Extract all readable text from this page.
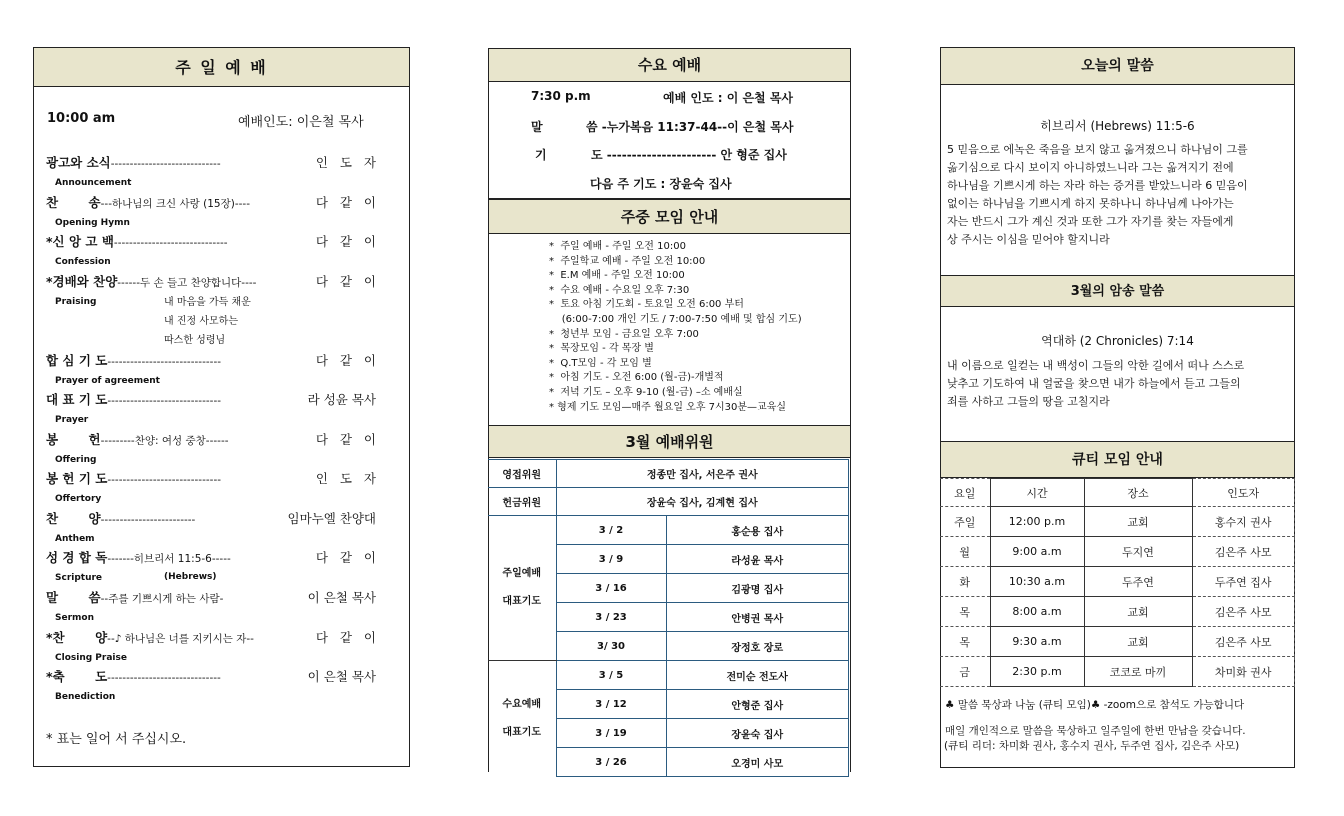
주 일 예 배
10:00 am	예배인도: 이은철 목사
광고와 소식-----------------------------	인   도   자
Announcement
찬       송---하나님의 크신 사랑 (15장)----	다   같   이
Opening Hymn
*신 앙 고 백------------------------------	다   같   이
Confession
*경배와 찬양------두 손 들고 찬양합니다----	다   같   이
Praising
합 심 기 도------------------------------	다   같   이
Prayer of agreement
대 표 기 도------------------------------	라 성윤 목사
Prayer
봉       헌---------찬양: 여성 중창------	다   같   이
Offering
봉 헌 기 도------------------------------	인   도   자
Offertory
찬       양-------------------------	임마누엘 찬양대
Anthem
성 경 합 독-------히브리서 11:5-6-----	다   같   이
Scripture
말       씀--주를 기쁘시게 하는 사람-	이 은철 목사
Sermon
*찬       양--♪ 하나님은 너를 지키시는 자--	다   같   이
Closing Praise
*축       도------------------------------	이 은철 목사
Benediction
내 마음을 가득 채운
내 진정 사모하는
따스한 성령님
(Hebrews)
* 표는 일어 서 주십시오.
수요 예배
7:30 p.m	예배 인도 : 이 은철 목사
말	씀 -누가복음 11:37-44--이 은철 목사
기	도 ---------------------- 안 형준 집사
다음 주 기도 : 장윤숙 집사
주중 모임 안내
*  주일 예배 - 주일 오전 10:00
*  주일학교 예배 - 주일 오전 10:00
*  E.M 예배 - 주일 오전 10:00
*  수요 예배 - 수요일 오후 7:30
*  토요 아침 기도회 - 토요일 오전 6:00 부터
(6:00-7:00 개인 기도 / 7:00-7:50 예배 및 합심 기도)
*  청년부 모임 - 금요일 오후 7:00
*  목장모임 - 각 목장 별
*  Q.T모임 - 각 모임 별
*  아침 기도 - 오전 6:00 (월-금)-개별적
*  저녁 기도 – 오후 9-10 (월-금) –소 예배실
* 형제 기도 모임—매주 월요일 오후 7시30분—교육실
3월 예배위원
영접위원	정종만 집사, 서은주 권사	
헌금위원	장윤숙 집사, 김계현 집사	
주일예배
대표기도	3 / 2	홍순용 집사
	3 / 9	라성윤 목사
	3 / 16	김광명 집사
	3 / 23	안병권 목사
	3/ 30	장정호 장로
수요예배
대표기도	3 / 5	전미순 전도사
	3 / 12	안형준 집사
	3 / 19	장윤숙 집사
	3 / 26	오경미 사모
오늘의 말씀
히브리서 (Hebrews) 11:5-6
5 믿음으로 에녹은 죽음을 보지 않고 옮겨졌으니 하나님이 그를
옮기심으로 다시 보이지 아니하였느니라 그는 옮겨지기 전에
하나님을 기쁘시게 하는 자라 하는 증거를 받았느니라 6 믿음이
없이는 하나님을 기쁘시게 하지 못하나니 하나님께 나아가는
자는 반드시 그가 계신 것과 또한 그가 자기를 찾는 자들에게
상 주시는 이심을 믿어야 할지니라
3월의 암송 말씀
역대하 (2 Chronicles) 7:14
내 이름으로 일컫는 내 백성이 그들의 악한 길에서 떠나 스스로
낮추고 기도하여 내 얼굴을 찾으면 내가 하늘에서 듣고 그들의
죄를 사하고 그들의 땅을 고칠지라
큐티 모임 안내
요일	시간	장소	인도자
주일	12:00 p.m	교회	홍수지 권사
월	9:00 a.m	두지연	김은주 사모
화	10:30 a.m	두주연	두주연 집사
목	8:00 a.m	교회	김은주 사모
목	9:30 a.m	교회	김은주 사모
금	2:30 p.m	코코로 마끼	차미화 권사
♣ 말씀 묵상과 나눔 (큐티 모임)♣ -zoom으로 참석도 가능합니다
매일 개인적으로 말씀을 묵상하고 일주일에 한번 만남을 갖습니다.
(큐티 리더: 차미화 권사, 홍수지 권사, 두주연 집사, 김은주 사모)
